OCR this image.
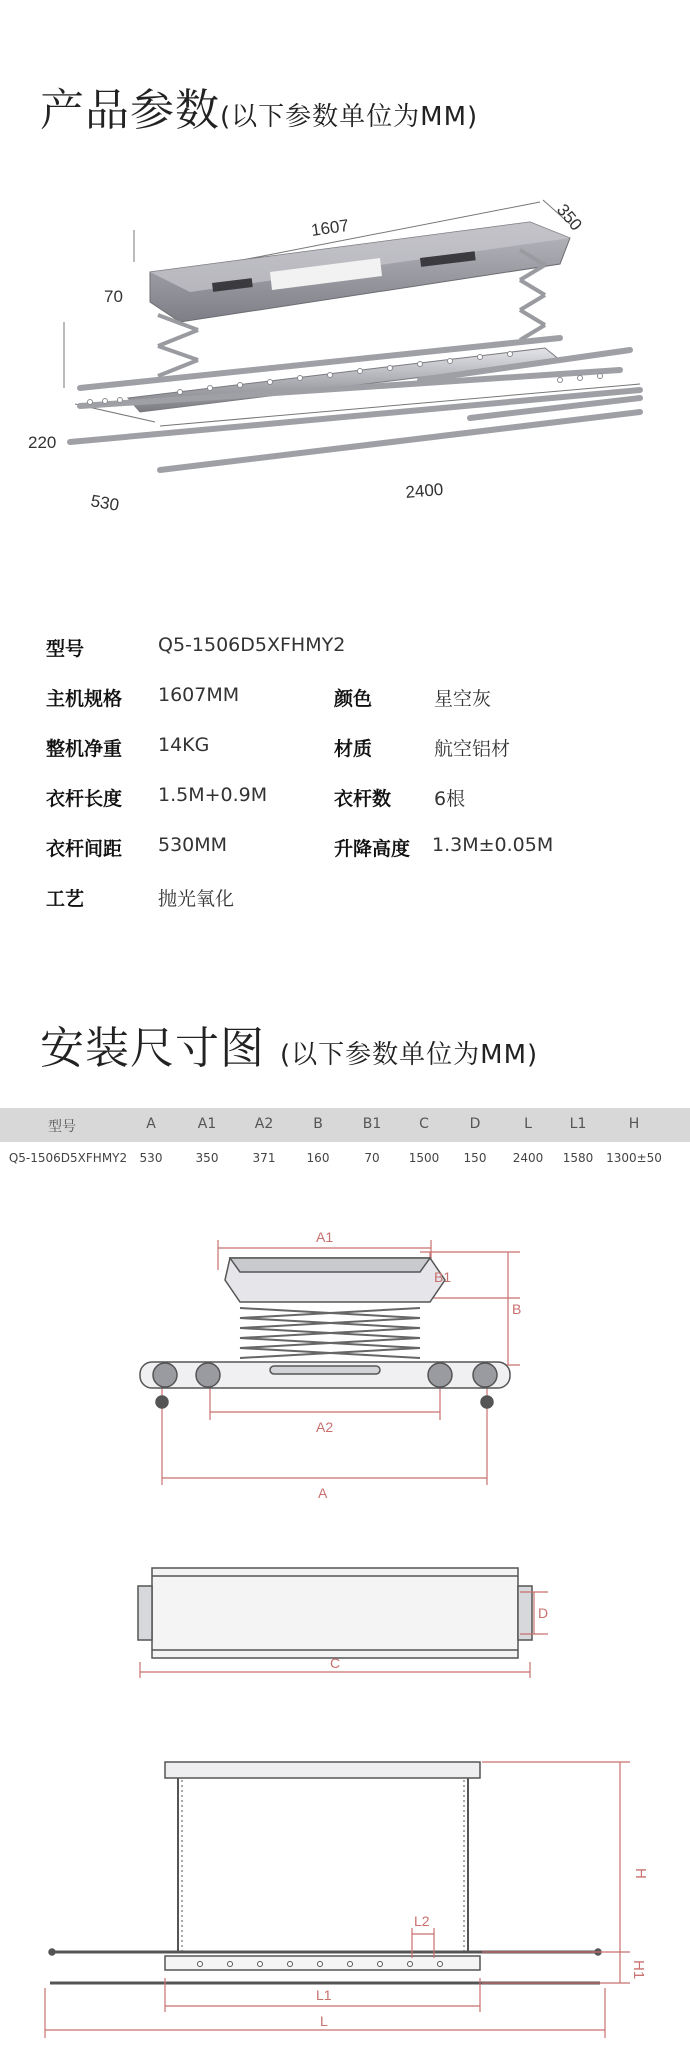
产品参数(以下参数单位为MM)
1607	350
70
220
530
2400
型号	Q5-1506D5XFHMY2
主机规格 1607MM	颜色	星空灰
整机净重 14KG	材质	航空铝材
衣杆长度 1.5M+0.9M	衣杆数 6根
衣杆间距 530MM	升降高度 1.3M±0.05M
工艺	抛光氧化
安装尺寸图 (以下参数单位为MM)
型号	A	A1	A2	B	B1	C	D	L	L1	H
Q5-1506D5XFHMY2 530	350	371	160	70 1500 150 2400 1580 1300±50
A1
B1
B
A2
A
D
C
H
L2
H1
L1
L
